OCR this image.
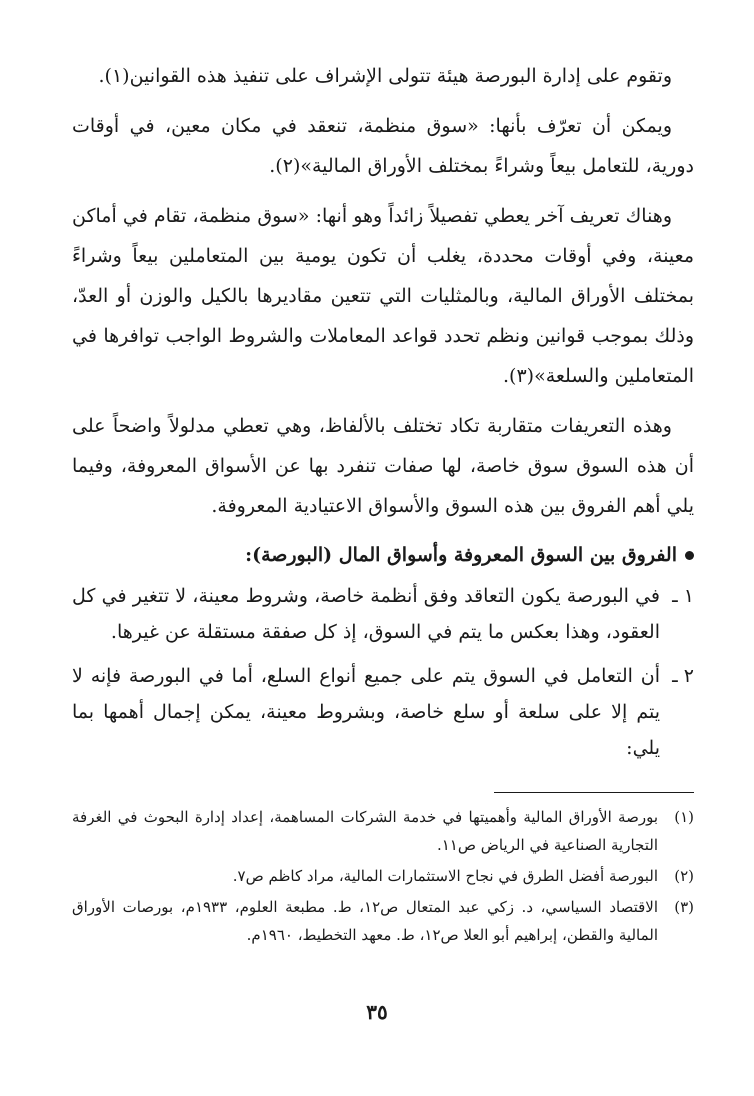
وتقوم على إدارة البورصة هيئة تتولى الإشراف على تنفيذ هذه القوانين(١).

ويمكن أن تعرّف بأنها: «سوق منظمة، تنعقد في مكان معين، في أوقات دورية، للتعامل بيعاً وشراءً بمختلف الأوراق المالية»(٢).

وهناك تعريف آخر يعطي تفصيلاً زائداً وهو أنها: «سوق منظمة، تقام في أماكن معينة، وفي أوقات محددة، يغلب أن تكون يومية بين المتعاملين بيعاً وشراءً بمختلف الأوراق المالية، وبالمثليات التي تتعين مقاديرها بالكيل والوزن أو العدّ، وذلك بموجب قوانين ونظم تحدد قواعد المعاملات والشروط الواجب توافرها في المتعاملين والسلعة»(٣).

وهذه التعريفات متقاربة تكاد تختلف بالألفاظ، وهي تعطي مدلولاً واضحاً على أن هذه السوق سوق خاصة، لها صفات تنفرد بها عن الأسواق المعروفة، وفيما يلي أهم الفروق بين هذه السوق والأسواق الاعتيادية المعروفة.

الفروق بين السوق المعروفة وأسواق المال (البورصة):
١ ـ
في البورصة يكون التعاقد وفق أنظمة خاصة، وشروط معينة، لا تتغير في كل العقود، وهذا بعكس ما يتم في السوق، إذ كل صفقة مستقلة عن غيرها.
٢ ـ
أن التعامل في السوق يتم على جميع أنواع السلع، أما في البورصة فإنه لا يتم إلا على سلعة أو سلع خاصة، وبشروط معينة، يمكن إجمال أهمها بما يلي:
(١)
بورصة الأوراق المالية وأهميتها في خدمة الشركات المساهمة، إعداد إدارة البحوث في الغرفة التجارية الصناعية في الرياض ص١١.
(٢)
البورصة أفضل الطرق في نجاح الاستثمارات المالية، مراد كاظم ص٧.
(٣)
الاقتصاد السياسي، د. زكي عبد المتعال ص١٢، ط. مطبعة العلوم، ١٩٣٣م، بورصات الأوراق المالية والقطن، إبراهيم أبو العلا ص١٢، ط. معهد التخطيط، ١٩٦٠م.
٣٥
